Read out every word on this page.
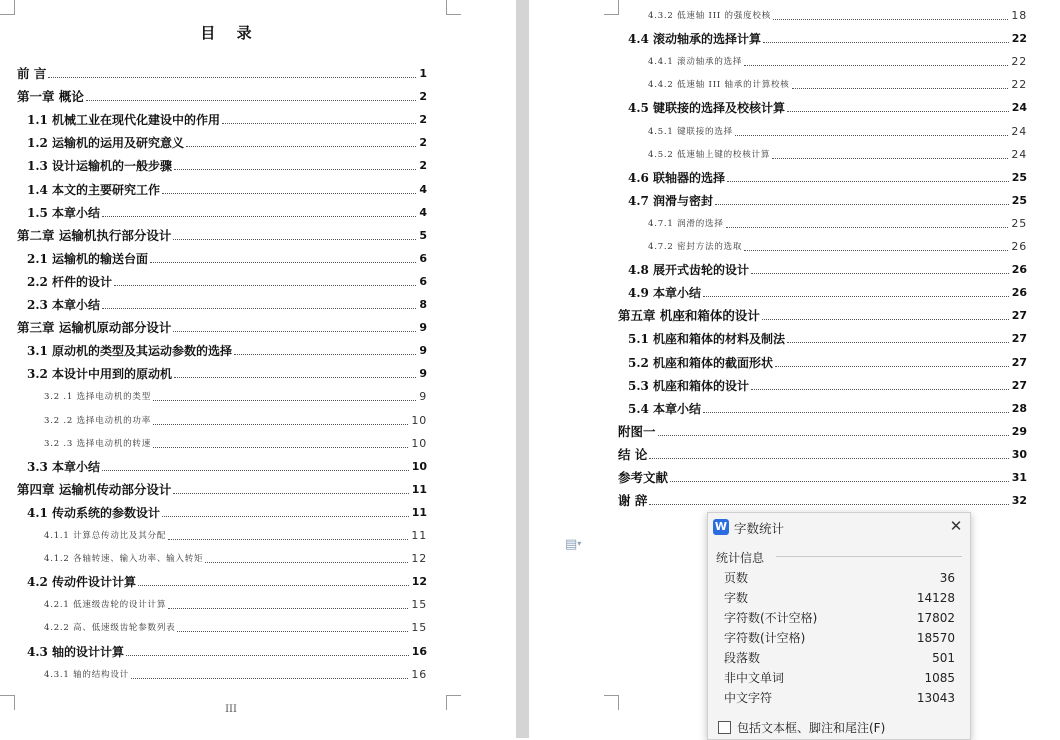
目 录
前 言	1
第一章 概论	2
1.1 机械工业在现代化建设中的作用	2
1.2 运输机的运用及研究意义	2
1.3 设计运输机的一般步骤	2
1.4 本文的主要研究工作	4
1.5 本章小结	4
第二章 运输机执行部分设计	5
2.1 运输机的输送台面	6
2.2 杆件的设计	6
2.3 本章小结	8
第三章 运输机原动部分设计	9
3.1 原动机的类型及其运动参数的选择	9
3.2 本设计中用到的原动机	9
3.2 .1 选择电动机的类型	9
3.2 .2 选择电动机的功率	10
3.2 .3 选择电动机的转速	10
3.3 本章小结	10
第四章 运输机传动部分设计	11
4.1 传动系统的参数设计	11
4.1.1 计算总传动比及其分配	11
4.1.2 各轴转速、输入功率、输入转矩	12
4.2 传动件设计计算	12
4.2.1 低速级齿轮的设计计算	15
4.2.2 高、低速级齿轮参数列表	15
4.3 轴的设计计算	16
4.3.1 轴的结构设计	16
III
4.3.2 低速轴 III 的强度校核	18
4.4 滚动轴承的选择计算	22
4.4.1 滚动轴承的选择	22
4.4.2 低速轴 III 轴承的计算校核	22
4.5 键联接的选择及校核计算	24
4.5.1 键联接的选择	24
4.5.2 低速轴上键的校核计算	24
4.6 联轴器的选择	25
4.7 润滑与密封	25
4.7.1 润滑的选择	25
4.7.2 密封方法的选取	26
4.8 展开式齿轮的设计	26
4.9 本章小结	26
第五章 机座和箱体的设计	27
5.1 机座和箱体的材料及制法	27
5.2 机座和箱体的截面形状	27
5.3 机座和箱体的设计	27
5.4 本章小结	28
附图一	29
结 论	30
参考文献	31
谢 辞	32
▤▾
W 字数统计	✕
统计信息
页数	36
字数	14128
字符数(不计空格)	17802
字符数(计空格)	18570
段落数	501
非中文单词	1085
中文字符	13043
包括文本框、脚注和尾注(F)
